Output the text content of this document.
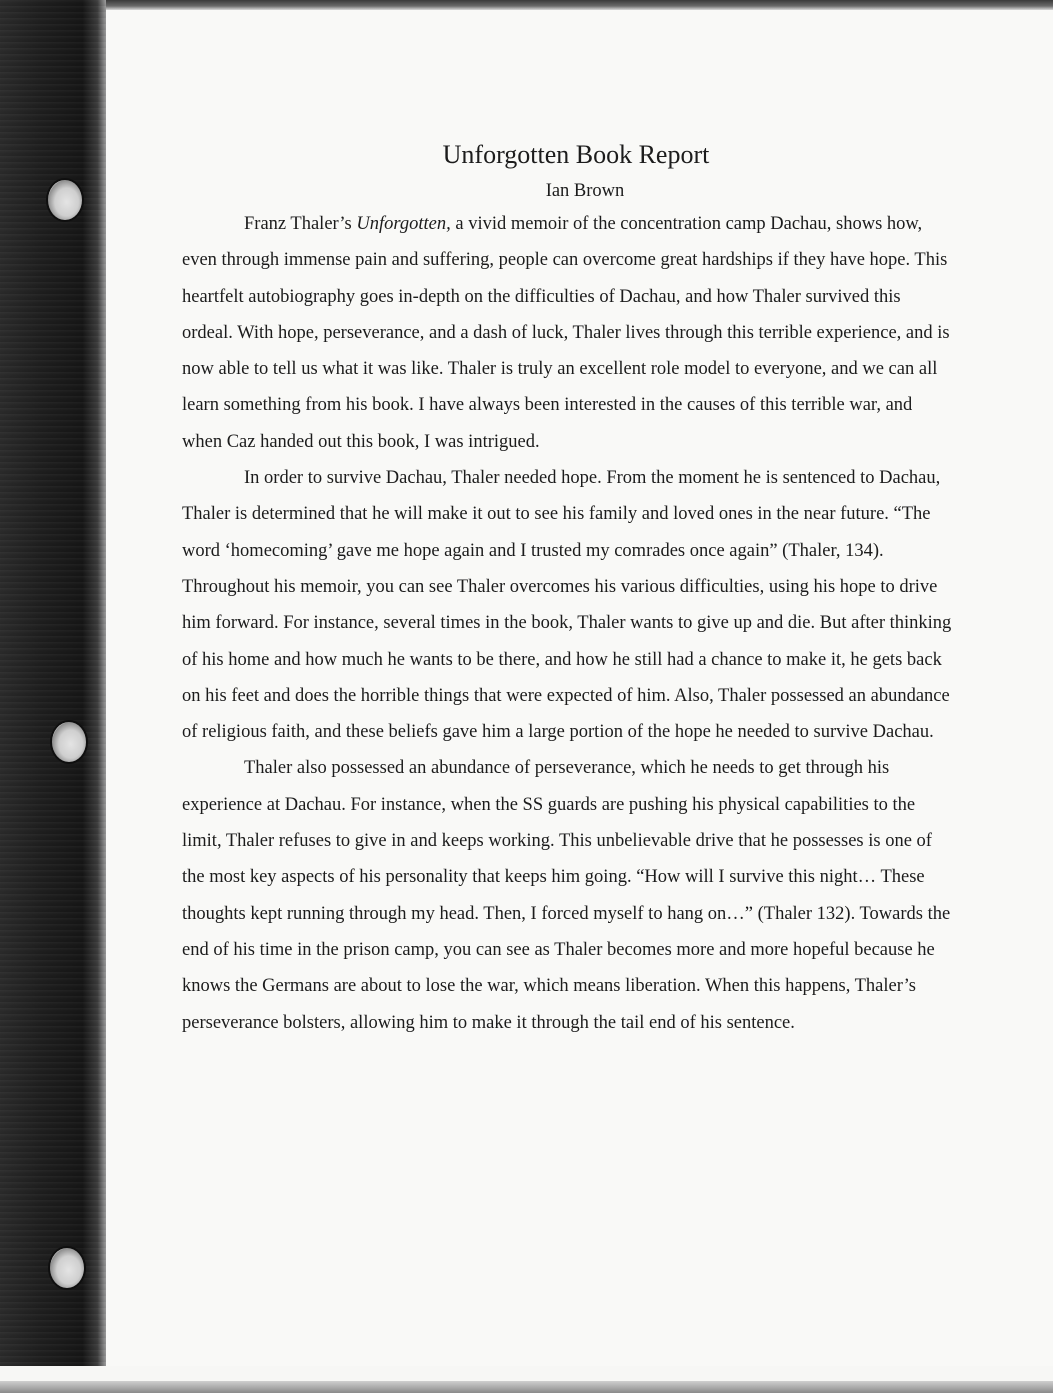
Unforgotten Book Report
Ian Brown

Franz Thaler’s Unforgotten, a vivid memoir of the concentration camp Dachau, shows how, even through immense pain and suffering, people can overcome great hardships if they have hope. This heartfelt autobiography goes in-depth on the difficulties of Dachau, and how Thaler survived this ordeal. With hope, perseverance, and a dash of luck, Thaler lives through this terrible experience, and is now able to tell us what it was like. Thaler is truly an excellent role model to everyone, and we can all learn something from his book. I have always been interested in the causes of this terrible war, and when Caz handed out this book, I was intrigued.

In order to survive Dachau, Thaler needed hope. From the moment he is sentenced to Dachau, Thaler is determined that he will make it out to see his family and loved ones in the near future. “The word ‘homecoming’ gave me hope again and I trusted my comrades once again” (Thaler, 134). Throughout his memoir, you can see Thaler overcomes his various difficulties, using his hope to drive him forward. For instance, several times in the book, Thaler wants to give up and die. But after thinking of his home and how much he wants to be there, and how he still had a chance to make it, he gets back on his feet and does the horrible things that were expected of him. Also, Thaler possessed an abundance of religious faith, and these beliefs gave him a large portion of the hope he needed to survive Dachau.

Thaler also possessed an abundance of perseverance, which he needs to get through his experience at Dachau. For instance, when the SS guards are pushing his physical capabilities to the limit, Thaler refuses to give in and keeps working. This unbelievable drive that he possesses is one of the most key aspects of his personality that keeps him going. “How will I survive this night… These thoughts kept running through my head. Then, I forced myself to hang on…” (Thaler 132). Towards the end of his time in the prison camp, you can see as Thaler becomes more and more hopeful because he knows the Germans are about to lose the war, which means liberation. When this happens, Thaler’s perseverance bolsters, allowing him to make it through the tail end of his sentence.
